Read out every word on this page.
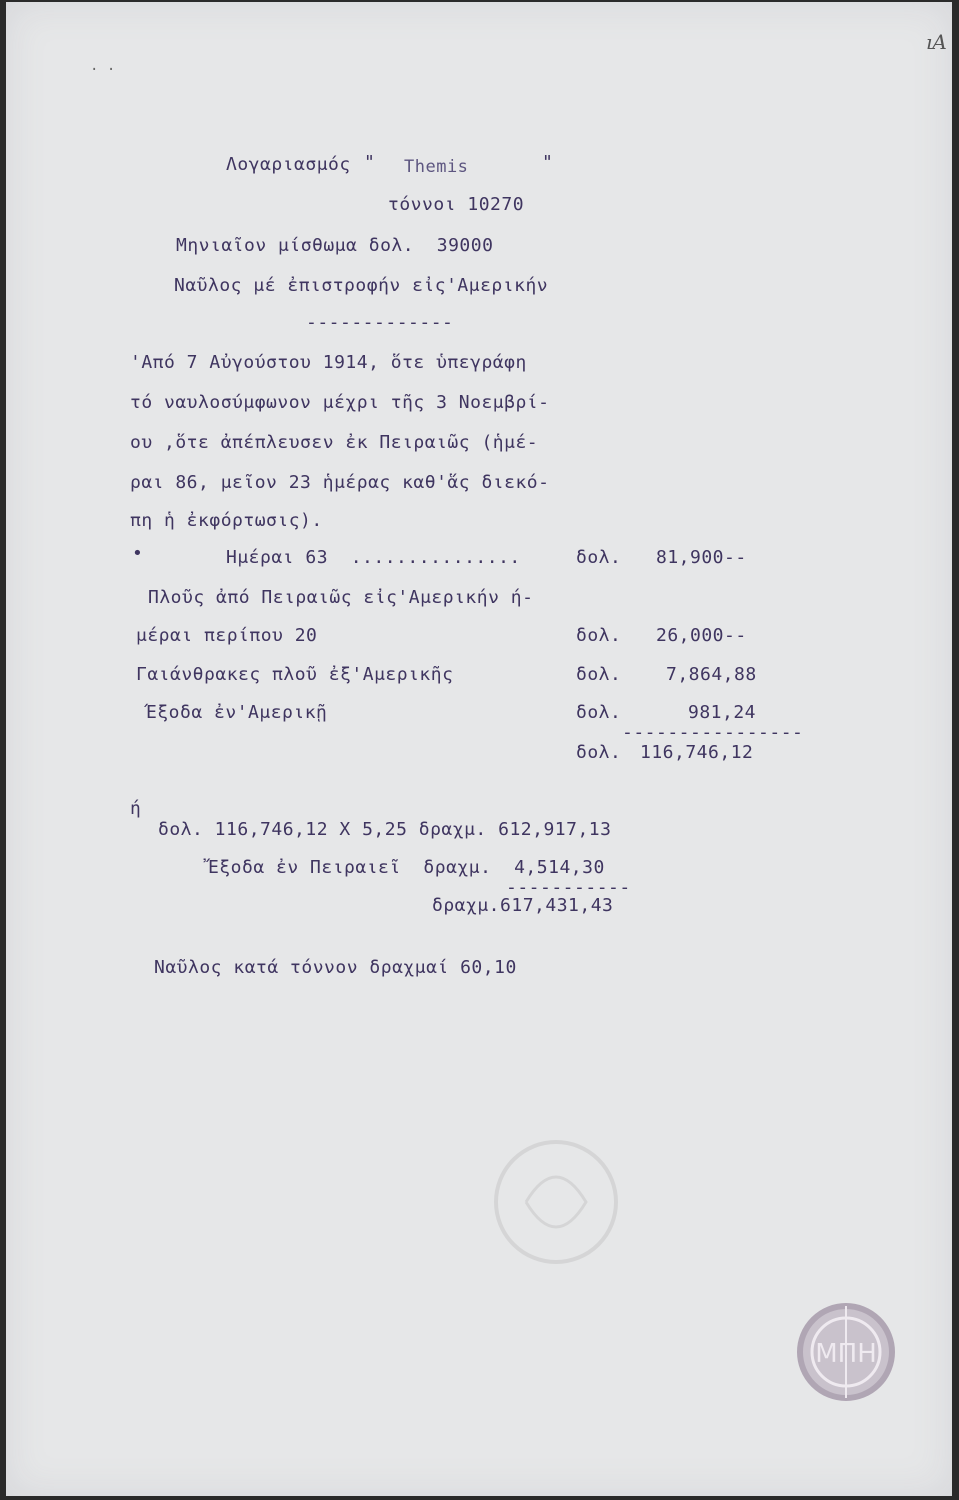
ıA
· ·
Λογαριασμός " Themis	"
τόννοι 10270
Μηνιαῖον μίσθωμα δολ.  39000
Ναῦλος μέ ἐπιστροφήν εἰς'Αμερικήν
-------------
'Από 7 Αὐγούστου 1914, ὅτε ὑπεγράφη
τό ναυλοσύμφωνον μέχρι τῆς 3 Νοεμβρί-
ου ,ὅτε ἀπέπλευσεν ἐκ Πειραιῶς (ἡμέ-
ραι 86, μεῖον 23 ἡμέρας καθ'ἅς διεκό-
πη ἡ ἐκφόρτωσις).
•	Ημέραι 63  ...............	δολ. 81,900--
Πλοῦς ἀπό Πειραιῶς εἰς'Αμερικήν ή-
μέραι περίπου 20	δολ. 26,000--
Γαιάνθρακες πλοῦ ἐξ'Αμερικῆς	δολ. 7,864,88
Έξοδα ἐν'Αμερικῇ	δολ.	981,24
----------------
δολ. 116,746,12
ή
δολ. 116,746,12 Χ 5,25 δραχμ. 612,917,13
Ἔξοδα ἐν Πειραιεῖ  δραχμ.  4,514,30
-----------
δραχμ.617,431,43
Ναῦλος κατά τόννον δραχμαί 60,10
ΜΠΗ
